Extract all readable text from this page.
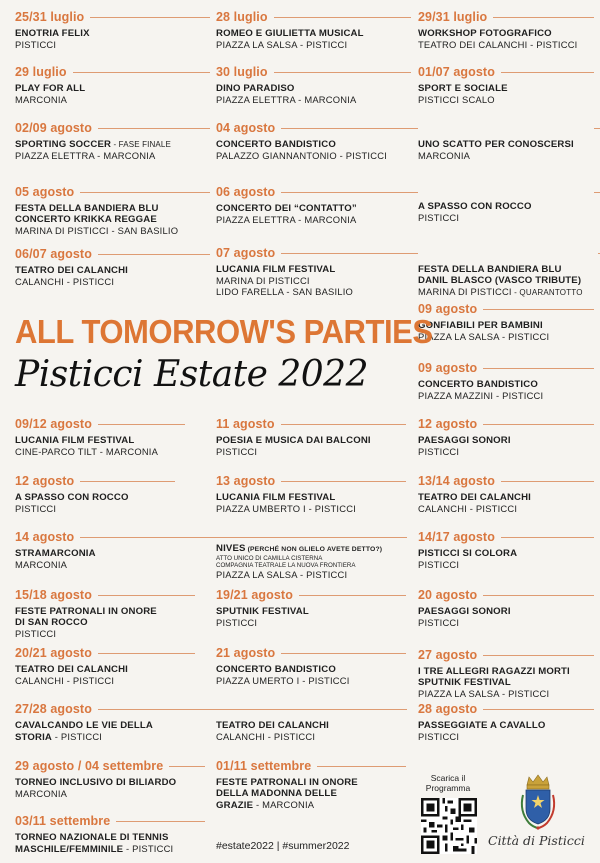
25/31 luglio
ENOTRIA FELIX
PISTICCI
29 luglio
PLAY FOR ALL
MARCONIA
02/09 agosto
SPORTING SOCCER - FASE FINALE
PIAZZA ELETTRA - MARCONIA
05 agosto
FESTA DELLA BANDIERA BLU
CONCERTO KRIKKA REGGAE
MARINA DI PISTICCI - SAN BASILIO
06/07 agosto
TEATRO DEI CALANCHI
CALANCHI - PISTICCI
28 luglio
ROMEO E GIULIETTA MUSICAL
PIAZZA LA SALSA - PISTICCI
30 luglio
DINO PARADISO
PIAZZA ELETTRA - MARCONIA
04 agosto
CONCERTO BANDISTICO
PALAZZO GIANNANTONIO - PISTICCI
06 agosto
CONCERTO DEI “CONTATTO”
PIAZZA ELETTRA - MARCONIA
07 agosto
LUCANIA FILM FESTIVAL
MARINA DI PISTICCI
LIDO FARELLA - SAN BASILIO
29/31 luglio
WORKSHOP FOTOGRAFICO
TEATRO DEI CALANCHI - PISTICCI
01/07 agosto
SPORT E SOCIALE
PISTICCI SCALO
UNO SCATTO PER CONOSCERSI
MARCONIA
A SPASSO CON ROCCO
PISTICCI
FESTA DELLA BANDIERA BLU
DANIL BLASCO (VASCO TRIBUTE)
MARINA DI PISTICCI - QUARANTOTTO
09 agosto
GONFIABILI PER BAMBINI
PIAZZA LA SALSA - PISTICCI
09 agosto
CONCERTO BANDISTICO
PIAZZA MAZZINI - PISTICCI
ALL TOMORROW'S PARTIES
Pisticci Estate 2022
09/12 agosto
LUCANIA FILM FESTIVAL
CINE-PARCO TILT - MARCONIA
11 agosto
POESIA E MUSICA DAI BALCONI
PISTICCI
12 agosto
PAESAGGI SONORI
PISTICCI
12 agosto
A SPASSO CON ROCCO
PISTICCI
13 agosto
LUCANIA FILM FESTIVAL
PIAZZA UMBERTO I - PISTICCI
13/14 agosto
TEATRO DEI CALANCHI
CALANCHI - PISTICCI
14 agosto
STRAMARCONIA
MARCONIA
NIVES (PERCHÉ NON GLIELO AVETE DETTO?)
ATTO UNICO DI CAMILLA CISTERNA
COMPAGNIA TEATRALE LA NUOVA FRONTIERA
PIAZZA LA SALSA - PISTICCI
14/17 agosto
PISTICCI SI COLORA
PISTICCI
15/18 agosto
FESTE PATRONALI IN ONORE
DI SAN ROCCO
PISTICCI
19/21 agosto
SPUTNIK FESTIVAL
PISTICCI
20 agosto
PAESAGGI SONORI
PISTICCI
20/21 agosto
TEATRO DEI CALANCHI
CALANCHI - PISTICCI
21 agosto
CONCERTO BANDISTICO
PIAZZA UMERTO I - PISTICCI
27 agosto
I TRE ALLEGRI RAGAZZI MORTI
SPUTNIK FESTIVAL
PIAZZA LA SALSA - PISTICCI
27/28 agosto
CAVALCANDO LE VIE DELLA
STORIA - PISTICCI
TEATRO DEI CALANCHI
CALANCHI - PISTICCI
28 agosto
PASSEGGIATE A CAVALLO
PISTICCI
29 agosto / 04 settembre
TORNEO INCLUSIVO DI BILIARDO
MARCONIA
01/11 settembre
FESTE PATRONALI IN ONORE
DELLA MADONNA DELLE
GRAZIE - MARCONIA
03/11 settembre
TORNEO NAZIONALE DI TENNIS
MASCHILE/FEMMINILE - PISTICCI	#estate2022 | #summer2022
Scarica il
Programma
Città di Pisticci
